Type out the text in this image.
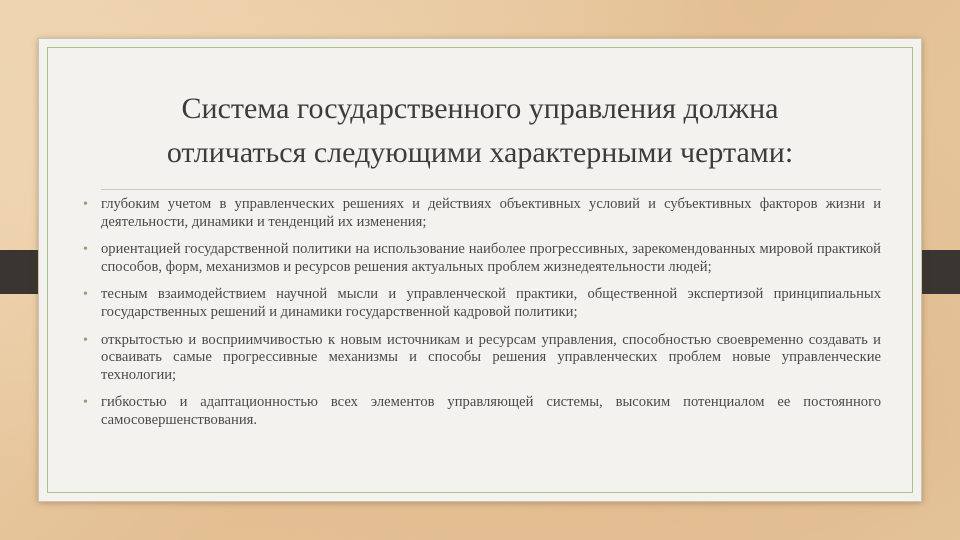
Система государственного управления должна
отличаться следующими характерными чертами:
• глубоким учетом в управленческих решениях и действиях объективных условий и субъективных факторов жизни и деятельности, динамики и тенденций их изменения;
• ориентацией государственной политики на использование наиболее прогрессивных, зарекомендованных мировой практикой способов, форм, механизмов и ресурсов решения актуальных проблем жизнедеятельности людей;
• тесным взаимодействием научной мысли и управленческой практики, общественной экспертизой принципиальных государственных решений и динамики государственной кадровой политики;
• открытостью и восприимчивостью к новым источникам и ресурсам управления, способностью своевременно создавать и осваивать самые прогрессивные механизмы и способы решения управленческих проблем новые управленческие технологии;
• гибкостью и адаптационностью всех элементов управляющей системы, высоким потенциалом ее постоянного самосовершенствования.
